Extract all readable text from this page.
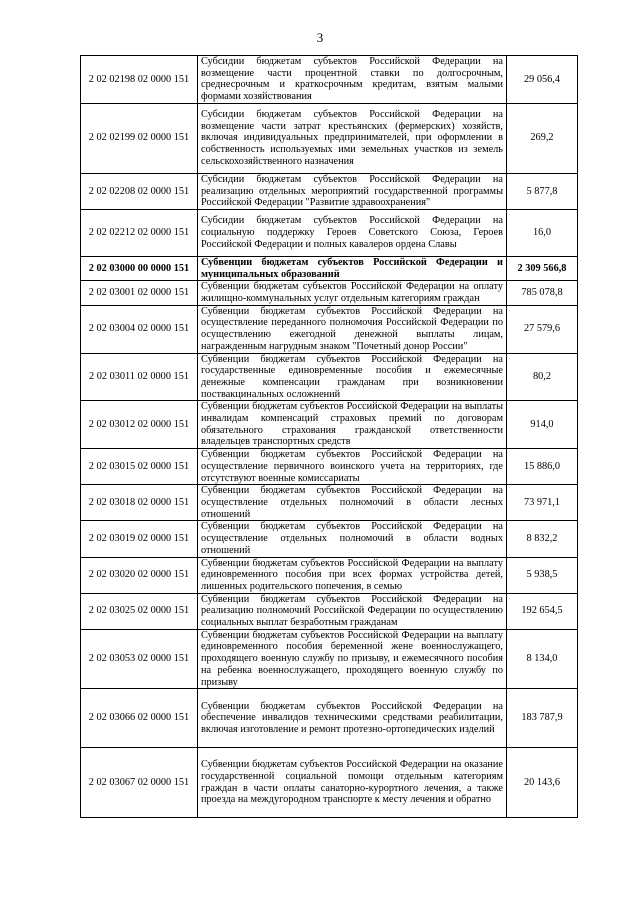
3
2 02 02198 02 0000 151	Субсидии бюджетам субъектов Российской Федерации на возмещение части процентной ставки по долгосрочным, среднесрочным и краткосрочным кредитам, взятым малыми формами хозяйствования	29 056,4
2 02 02199 02 0000 151	Субсидии бюджетам субъектов Российской Федерации на возмещение части затрат крестьянских (фермерских) хозяйств, включая индивидуальных предпринимателей, при оформлении в собственность используемых ими земельных участков из земель сельскохозяйственного назначения	269,2
2 02 02208 02 0000 151	Субсидии бюджетам субъектов Российской Федерации на реализацию отдельных мероприятий государственной программы Российской Федерации "Развитие здравоохранения"	5 877,8
2 02 02212 02 0000 151	Субсидии бюджетам субъектов Российской Федерации на социальную поддержку Героев Советского Союза, Героев Российской Федерации и полных кавалеров ордена Славы	16,0
2 02 03000 00 0000 151	Субвенции бюджетам субъектов Российской Федерации и муниципальных образований	2 309 566,8
2 02 03001 02 0000 151	Субвенции бюджетам субъектов Российской Федерации на оплату жилищно-коммунальных услуг отдельным категориям граждан	785 078,8
2 02 03004 02 0000 151	Субвенции бюджетам субъектов Российской Федерации на осуществление переданного полномочия Российской Федерации по осуществлению ежегодной денежной выплаты лицам, награжденным нагрудным знаком "Почетный донор России"	27 579,6
2 02 03011 02 0000 151	Субвенции бюджетам субъектов Российской Федерации на государственные единовременные пособия и ежемесячные денежные компенсации гражданам при возникновении поствакцинальных осложнений	80,2
2 02 03012 02 0000 151	Субвенции бюджетам субъектов Российской Федерации на выплаты инвалидам компенсаций страховых премий по договорам обязательного страхования гражданской ответственности владельцев транспортных средств	914,0
2 02 03015 02 0000 151	Субвенции бюджетам субъектов Российской Федерации на осуществление первичного воинского учета на территориях, где отсутствуют военные комиссариаты	15 886,0
2 02 03018 02 0000 151	Субвенции бюджетам субъектов Российской Федерации на осуществление отдельных полномочий в области лесных отношений	73 971,1
2 02 03019 02 0000 151	Субвенции бюджетам субъектов Российской Федерации на осуществление отдельных полномочий в области водных отношений	8 832,2
2 02 03020 02 0000 151	Субвенции бюджетам субъектов Российской Федерации на выплату единовременного пособия при всех формах устройства детей, лишенных родительского попечения, в семью	5 938,5
2 02 03025 02 0000 151	Субвенции бюджетам субъектов Российской Федерации на реализацию полномочий Российской Федерации по осуществлению социальных выплат безработным гражданам	192 654,5
2 02 03053 02 0000 151	Субвенции бюджетам субъектов Российской Федерации на выплату единовременного пособия беременной жене военнослужащего, проходящего военную службу по призыву, и ежемесячного пособия на ребенка военнослужащего, проходящего военную службу по призыву	8 134,0
2 02 03066 02 0000 151	Субвенции бюджетам субъектов Российской Федерации на обеспечение инвалидов техническими средствами реабилитации, включая изготовление и ремонт протезно-ортопедических изделий	183 787,9
2 02 03067 02 0000 151	Субвенции бюджетам субъектов Российской Федерации на оказание государственной социальной помощи отдельным категориям граждан в части оплаты санаторно-курортного лечения, а также проезда на междугородном транспорте к месту лечения и обратно	20 143,6
